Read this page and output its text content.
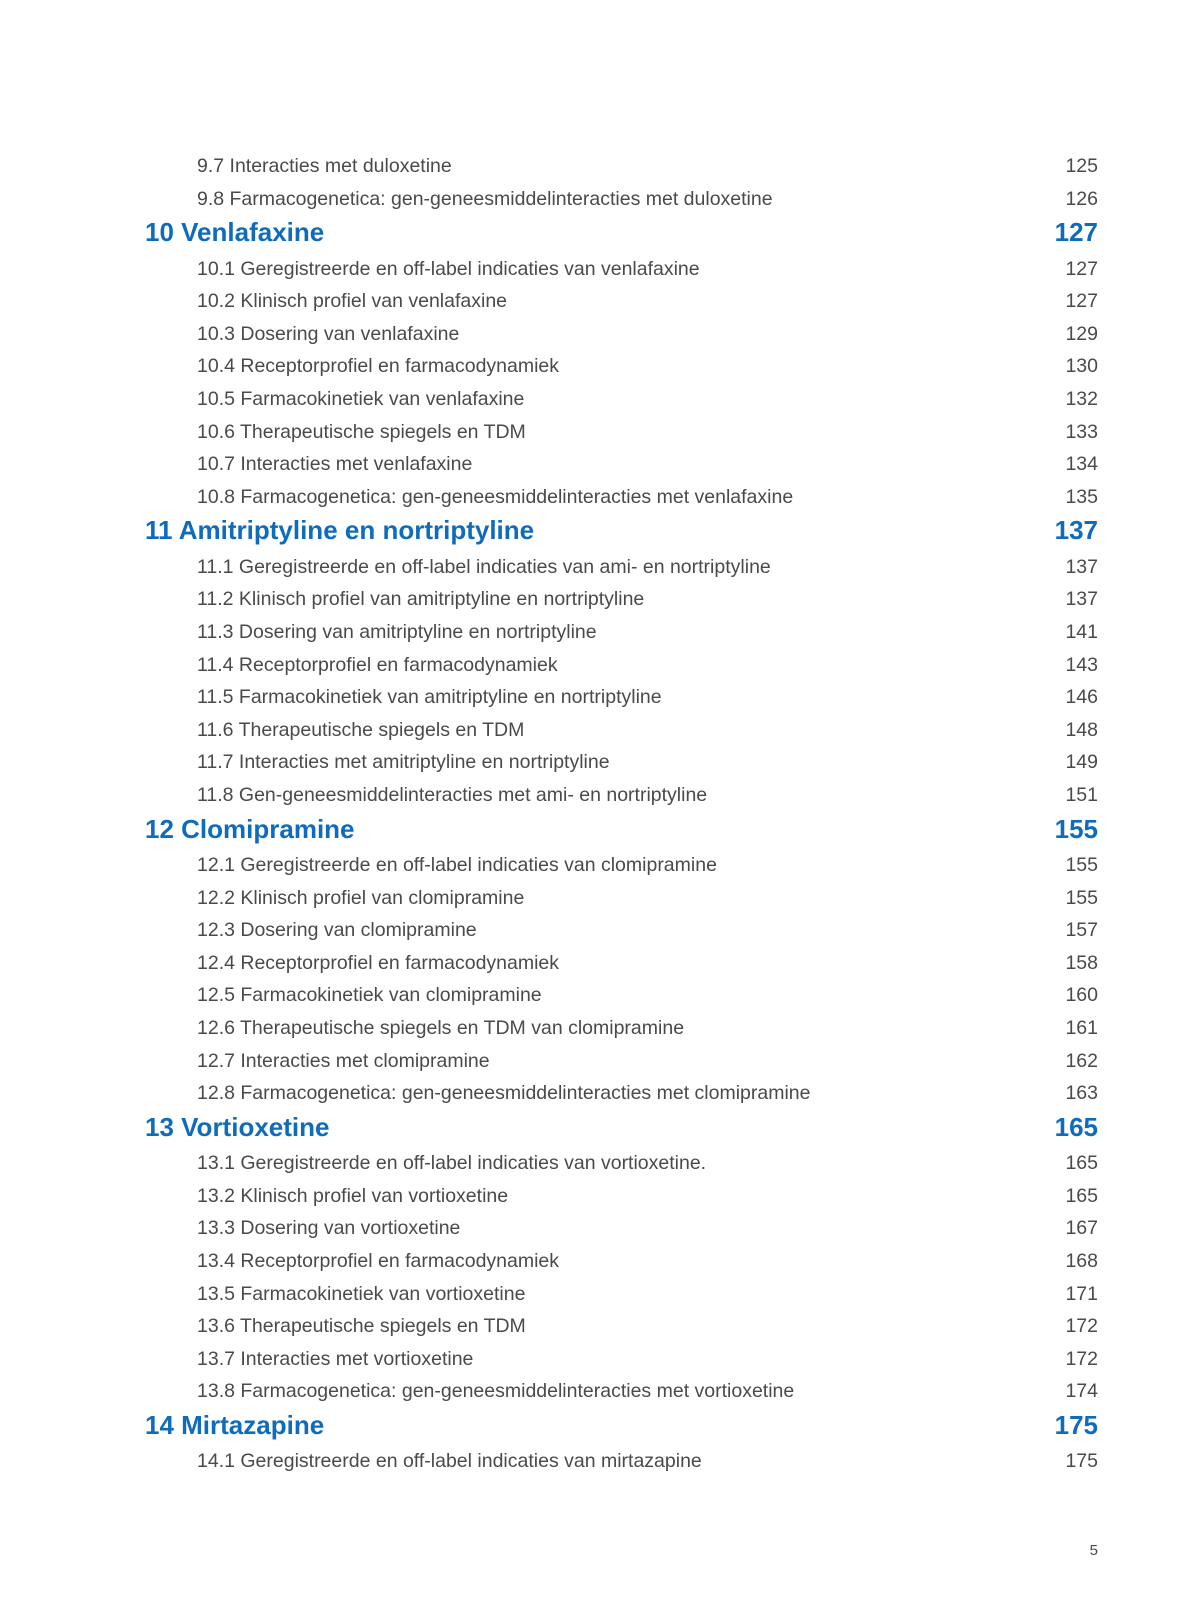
9.7 Interacties met duloxetine	125
9.8 Farmacogenetica: gen-geneesmiddelinteracties met duloxetine	126
10 Venlafaxine	127
10.1 Geregistreerde en off-label indicaties van venlafaxine	127
10.2 Klinisch profiel van venlafaxine	127
10.3 Dosering van venlafaxine	129
10.4 Receptorprofiel en farmacodynamiek	130
10.5 Farmacokinetiek van venlafaxine	132
10.6 Therapeutische spiegels en TDM	133
10.7 Interacties met venlafaxine	134
10.8 Farmacogenetica: gen-geneesmiddelinteracties met venlafaxine	135
11 Amitriptyline en nortriptyline	137
11.1 Geregistreerde en off-label indicaties van ami- en nortriptyline	137
11.2 Klinisch profiel van amitriptyline en nortriptyline	137
11.3 Dosering van amitriptyline en nortriptyline	141
11.4 Receptorprofiel en farmacodynamiek	143
11.5 Farmacokinetiek van amitriptyline en nortriptyline	146
11.6 Therapeutische spiegels en TDM	148
11.7 Interacties met amitriptyline en nortriptyline	149
11.8 Gen-geneesmiddelinteracties met ami- en nortriptyline	151
12 Clomipramine	155
12.1 Geregistreerde en off-label indicaties van clomipramine	155
12.2 Klinisch profiel van clomipramine	155
12.3 Dosering van clomipramine	157
12.4 Receptorprofiel en farmacodynamiek	158
12.5 Farmacokinetiek van clomipramine	160
12.6 Therapeutische spiegels en TDM van clomipramine	161
12.7 Interacties met clomipramine	162
12.8 Farmacogenetica: gen-geneesmiddelinteracties met clomipramine	163
13 Vortioxetine	165
13.1 Geregistreerde en off-label indicaties van vortioxetine.	165
13.2 Klinisch profiel van vortioxetine	165
13.3 Dosering van vortioxetine	167
13.4 Receptorprofiel en farmacodynamiek	168
13.5 Farmacokinetiek van vortioxetine	171
13.6 Therapeutische spiegels en TDM	172
13.7 Interacties met vortioxetine	172
13.8 Farmacogenetica: gen-geneesmiddelinteracties met vortioxetine	174
14 Mirtazapine	175
14.1 Geregistreerde en off-label indicaties van mirtazapine	175
5
